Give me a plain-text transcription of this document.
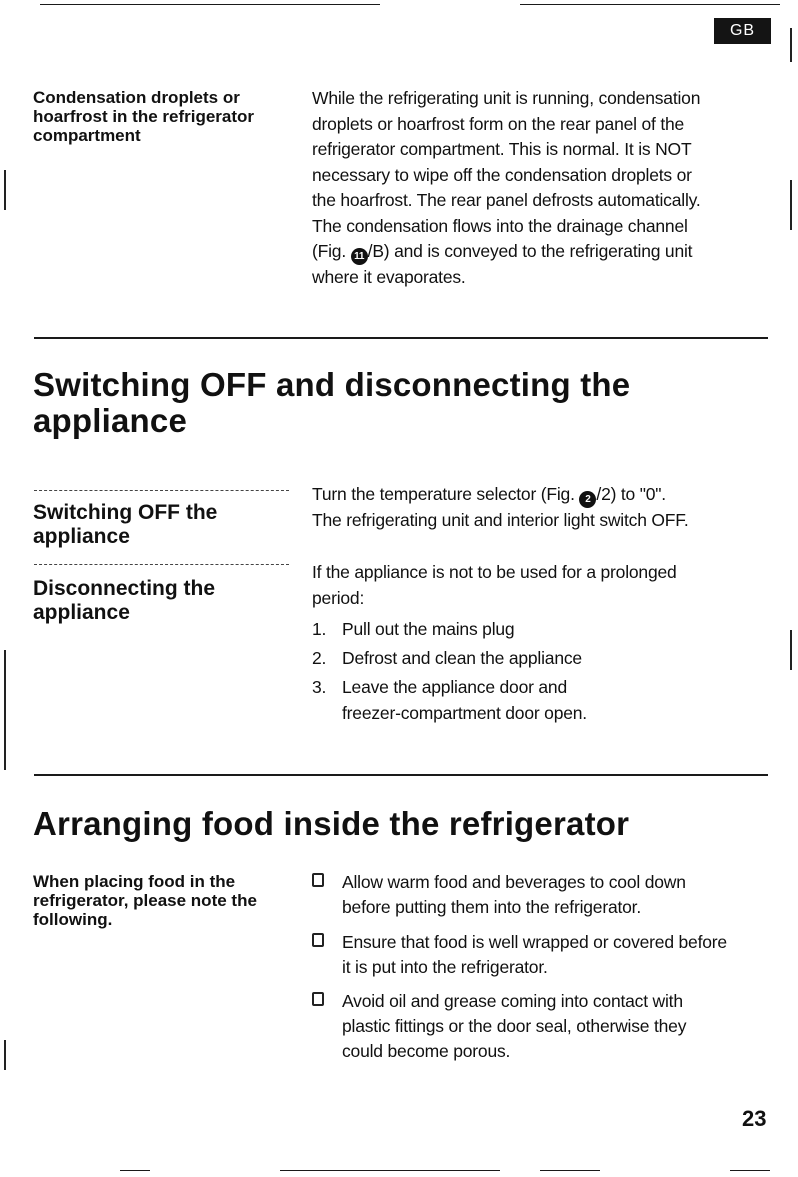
GB
Condensation droplets or hoarfrost in the refrigerator compartment
While the refrigerating unit is running, condensation
droplets or hoarfrost form on the rear panel of the
refrigerator compartment. This is normal. It is NOT
necessary to wipe off the condensation droplets or
the hoarfrost. The rear panel defrosts automatically.
The condensation flows into the drainage channel
(Fig. 11 /B) and is conveyed to the refrigerating unit
where it evaporates.
Switching OFF and disconnecting the
appliance
Switching OFF the
appliance
Turn the temperature selector (Fig. 2 /2) to "0".
The refrigerating unit and interior light switch OFF.
Disconnecting the
appliance
If the appliance is not to be used for a prolonged
period:
1. Pull out the mains plug
2. Defrost and clean the appliance
3. Leave the appliance door and
freezer-compartment door open.
Arranging food inside the refrigerator
When placing food in the refrigerator, please note the following.
Allow warm food and beverages to cool down
before putting them into the refrigerator.
Ensure that food is well wrapped or covered before
it is put into the refrigerator.
Avoid oil and grease coming into contact with
plastic fittings or the door seal, otherwise they
could become porous.
23
